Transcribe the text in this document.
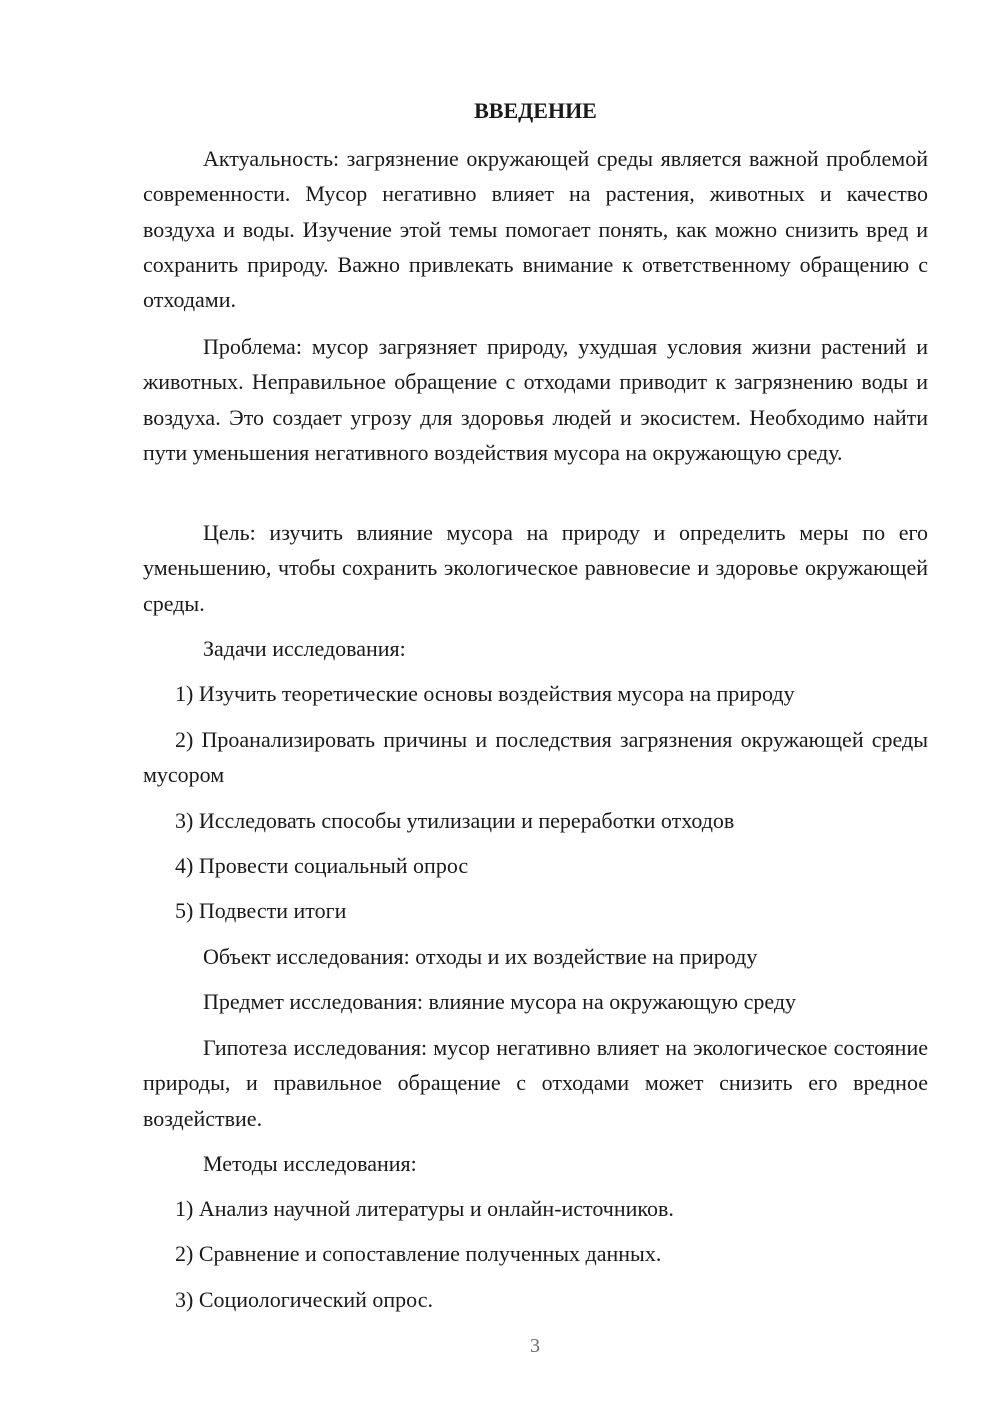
ВВЕДЕНИЕ

Актуальность: загрязнение окружающей среды является важной проблемой современности. Мусор негативно влияет на растения, животных и качество воздуха и воды. Изучение этой темы помогает понять, как можно снизить вред и сохранить природу. Важно привлекать внимание к ответственному обращению с отходами.

Проблема: мусор загрязняет природу, ухудшая условия жизни растений и животных. Неправильное обращение с отходами приводит к загрязнению воды и воздуха. Это создает угрозу для здоровья людей и экосистем. Необходимо найти пути уменьшения негативного воздействия мусора на окружающую среду.

Цель: изучить влияние мусора на природу и определить меры по его уменьшению, чтобы сохранить экологическое равновесие и здоровье окружающей среды.

Задачи исследования:

1) Изучить теоретические основы воздействия мусора на природу

2) Проанализировать причины и последствия загрязнения окружающей среды мусором

3) Исследовать способы утилизации и переработки отходов

4) Провести социальный опрос

5) Подвести итоги

Объект исследования: отходы и их воздействие на природу

Предмет исследования: влияние мусора на окружающую среду

Гипотеза исследования: мусор негативно влияет на экологическое состояние природы, и правильное обращение с отходами может снизить его вредное воздействие.

Методы исследования:

1) Анализ научной литературы и онлайн-источников.

2) Сравнение и сопоставление полученных данных.

3) Социологический опрос.

3
